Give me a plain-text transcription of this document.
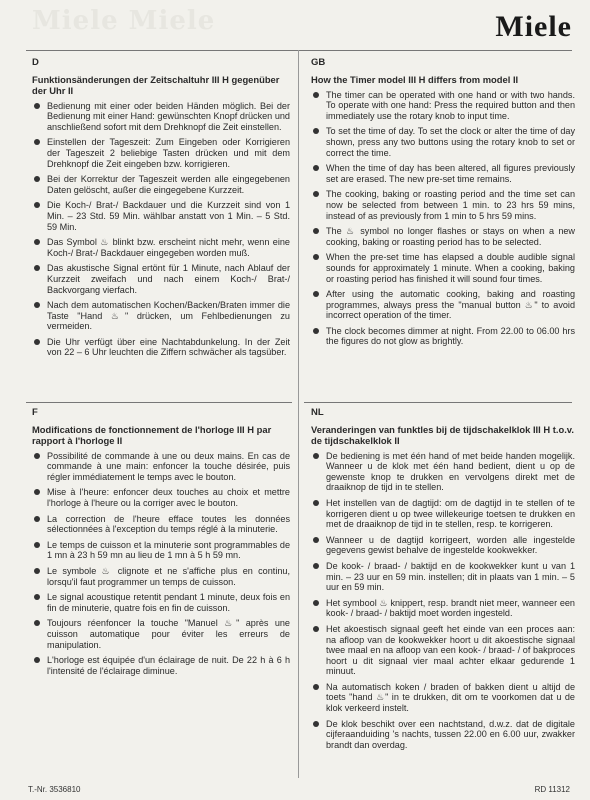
Miele Miele	Miele
D
Funktionsänderungen der Zeitschaltuhr III H gegenüber der Uhr II
Bedienung mit einer oder beiden Händen möglich. Bei der Bedienung mit einer Hand: gewünschten Knopf drücken und anschließend sofort mit dem Drehknopf die Zeit einstellen.
Einstellen der Tageszeit: Zum Eingeben oder Korrigieren der Tageszeit 2 beliebige Tasten drücken und mit dem Drehknopf die Zeit eingeben bzw. korrigieren.
Bei der Korrektur der Tageszeit werden alle eingegebenen Daten gelöscht, außer die eingegebene Kurzzeit.
Die Koch-/ Brat-/ Backdauer und die Kurzzeit sind von 1 Min. – 23 Std. 59 Min. wählbar anstatt von 1 Min. – 5 Std. 59 Min.
Das Symbol ♨ blinkt bzw. erscheint nicht mehr, wenn eine Koch-/ Brat-/ Backdauer eingegeben worden muß.
Das akustische Signal ertönt für 1 Minute, nach Ablauf der Kurzzeit zweifach und nach einem Koch-/ Brat-/ Backvorgang vierfach.
Nach dem automatischen Kochen/Backen/Braten immer die Taste "Hand ♨" drücken, um Fehlbedienungen zu vermeiden.
Die Uhr verfügt über eine Nachtabdunkelung. In der Zeit von 22 – 6 Uhr leuchten die Ziffern schwächer als tagsüber.
GB
How the Timer model III H differs from model II
The timer can be operated with one hand or with two hands. To operate with one hand: Press the required button and then immediately use the rotary knob to input time.
To set the time of day. To set the clock or alter the time of day shown, press any two buttons using the rotary knob to set or correct the time.
When the time of day has been altered, all figures previously set are erased. The new pre-set time remains.
The cooking, baking or roasting period and the time set can now be selected from between 1 min. to 23 hrs 59 mins, instead of as previously from 1 min to 5 hrs 59 mins.
The ♨ symbol no longer flashes or stays on when a new cooking, baking or roasting period has to be selected.
When the pre-set time has elapsed a double audible signal sounds for approximately 1 minute. When a cooking, baking or roasting period has finished it will sound four times.
After using the automatic cooking, baking and roasting programmes, always press the "manual button ♨" to avoid incorrect operation of the timer.
The clock becomes dimmer at night. From 22.00 to 06.00 hrs the figures do not glow as brightly.
F
Modifications de fonctionnement de l'horloge III H par rapport à l'horloge II
Possibilité de commande à une ou deux mains. En cas de commande à une main: enfoncer la touche désirée, puis régler immédiatement le temps avec le bouton.
Mise à l'heure: enfoncer deux touches au choix et mettre l'horloge à l'heure ou la corriger avec le bouton.
La correction de l'heure efface toutes les données sélectionnées à l'exception du temps réglé à la minuterie.
Le temps de cuisson et la minuterie sont programmables de 1 mn à 23 h 59 mn au lieu de 1 mn à 5 h 59 mn.
Le symbole ♨ clignote et ne s'affiche plus en continu, lorsqu'il faut programmer un temps de cuisson.
Le signal acoustique retentit pendant 1 minute, deux fois en fin de minuterie, quatre fois en fin de cuisson.
Toujours réenfoncer la touche "Manuel ♨" après une cuisson automatique pour éviter les erreurs de manipulation.
L'horloge est équipée d'un éclairage de nuit. De 22 h à 6 h l'intensité de l'éclairage diminue.
NL
Veranderingen van funktles bij de tijdschakelklok III H t.o.v. de tijdschakelklok II
De bediening is met één hand of met beide handen mogelijk. Wanneer u de klok met één hand bedient, dient u op de gewenste knop te drukken en vervolgens direkt met de draaiknop de tijd in te stellen.
Het instellen van de dagtijd: om de dagtijd in te stellen of te korrigeren dient u op twee willekeurige toetsen te drukken en met de draaiknop de tijd in te stellen, resp. te korrigeren.
Wanneer u de dagtijd korrigeert, worden alle ingestelde gegevens gewist behalve de ingestelde kookwekker.
De kook- / braad- / baktijd en de kookwekker kunt u van 1 min. – 23 uur en 59 min. instellen; dit in plaats van 1 min. – 5 uur en 59 min.
Het symbool ♨ knippert, resp. brandt niet meer, wanneer een kook- / braad- / baktijd moet worden ingesteld.
Het akoestisch signaal geeft het einde van een proces aan: na afloop van de kookwekker hoort u dit akoestische signaal twee maal en na afloop van een kook- / braad- / of bakproces hoort u dit signaal vier maal achter elkaar gedurende 1 minuut.
Na automatisch koken / braden of bakken dient u altijd de toets "hand ♨" in te drukken, dit om te voorkomen dat u de klok verkeerd instelt.
De klok beschikt over een nachtstand, d.w.z. dat de digitale cijferaanduiding 's nachts, tussen 22.00 en 6.00 uur, zwakker brandt dan overdag.
T.-Nr. 3536810	RD 11312
